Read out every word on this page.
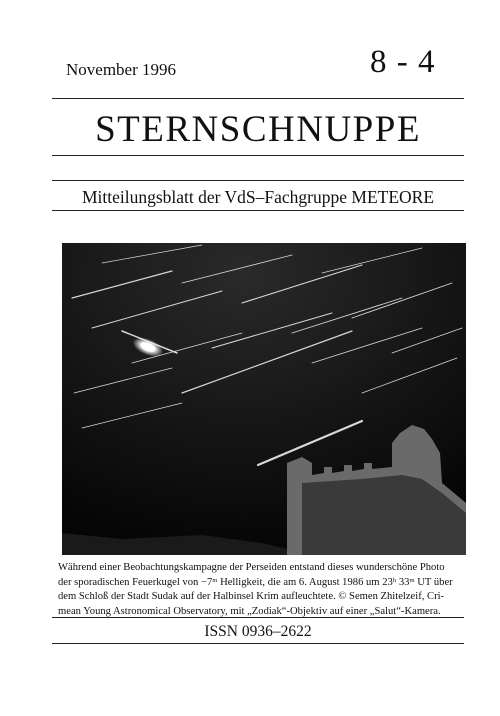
November 1996	8 - 4
STERNSCHNUPPE
Mitteilungsblatt der VdS–Fachgruppe METEORE

Während einer Beobachtungskampagne der Perseiden entstand dieses wunderschöne Photo

der sporadischen Feuerkugel von −7ᵐ Helligkeit, die am 6. August 1986 um 23ʰ 33ᵐ UT über

dem Schloß der Stadt Sudak auf der Halbinsel Krim aufleuchtete. © Semen Zhitelzeif, Cri-

mean Young Astronomical Observatory, mit „Zodiak“-Objektiv auf einer „Salut“-Kamera.

ISSN 0936–2622
